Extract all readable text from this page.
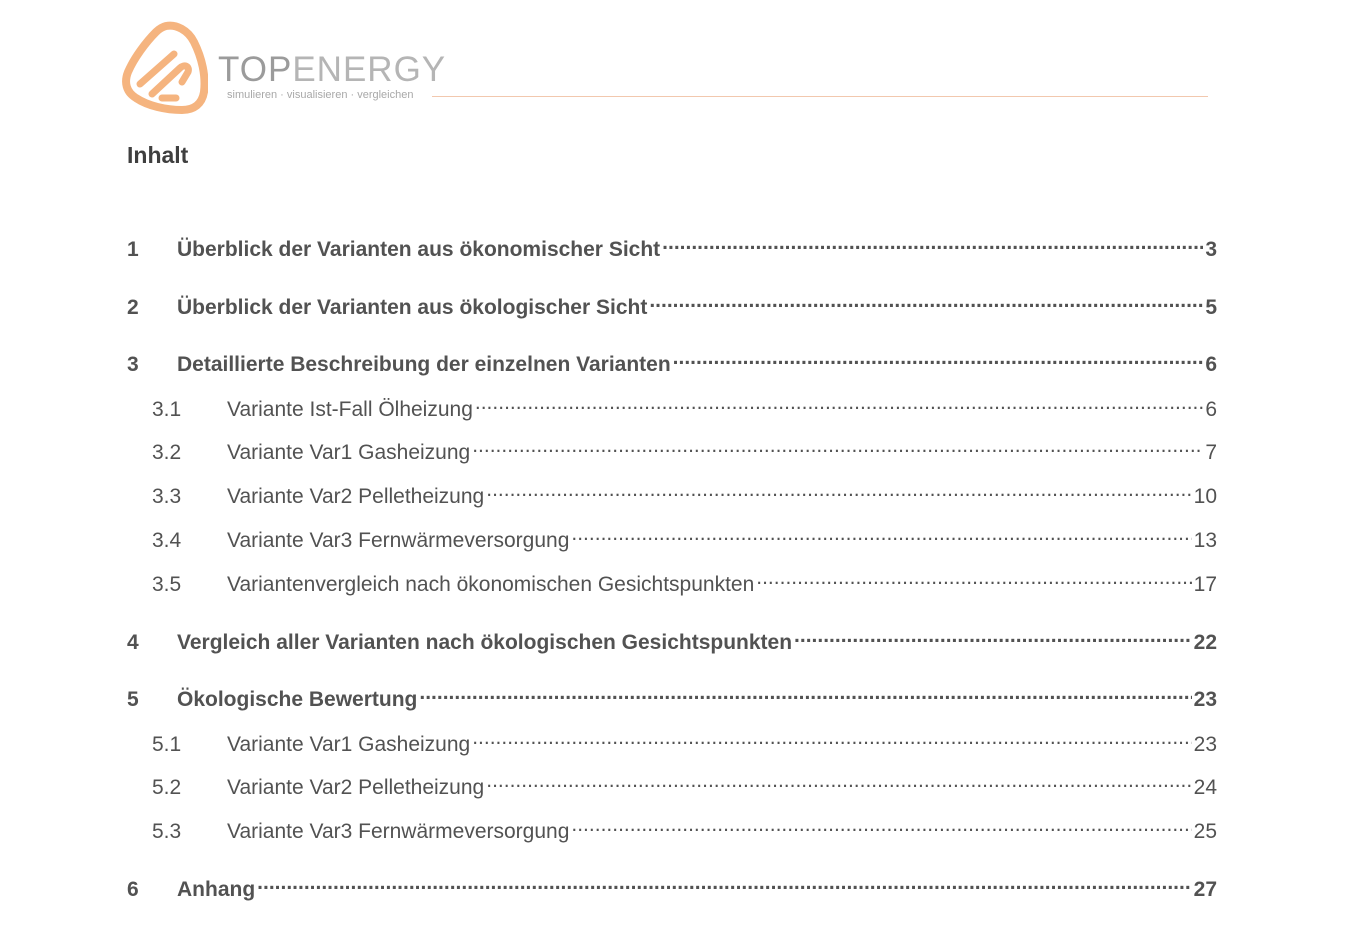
TOPENERGY
simulieren · visualisieren · vergleichen
Inhalt
1	Überblick der Varianten aus ökonomischer Sicht .....	3
2	Überblick der Varianten aus ökologischer Sicht .....	5
3	Detaillierte Beschreibung der einzelnen Varianten .....	6
3.1	Variante Ist-Fall Ölheizung .....	6
3.2	Variante Var1 Gasheizung .....	7
3.3	Variante Var2 Pelletheizung .....	10
3.4	Variante Var3 Fernwärmeversorgung .....	13
3.5	Variantenvergleich nach ökonomischen Gesichtspunkten .....	17
4	Vergleich aller Varianten nach ökologischen Gesichtspunkten .....	22
5	Ökologische Bewertung .....	23
5.1	Variante Var1 Gasheizung .....	23
5.2	Variante Var2 Pelletheizung .....	24
5.3	Variante Var3 Fernwärmeversorgung .....	25
6	Anhang .....	27
